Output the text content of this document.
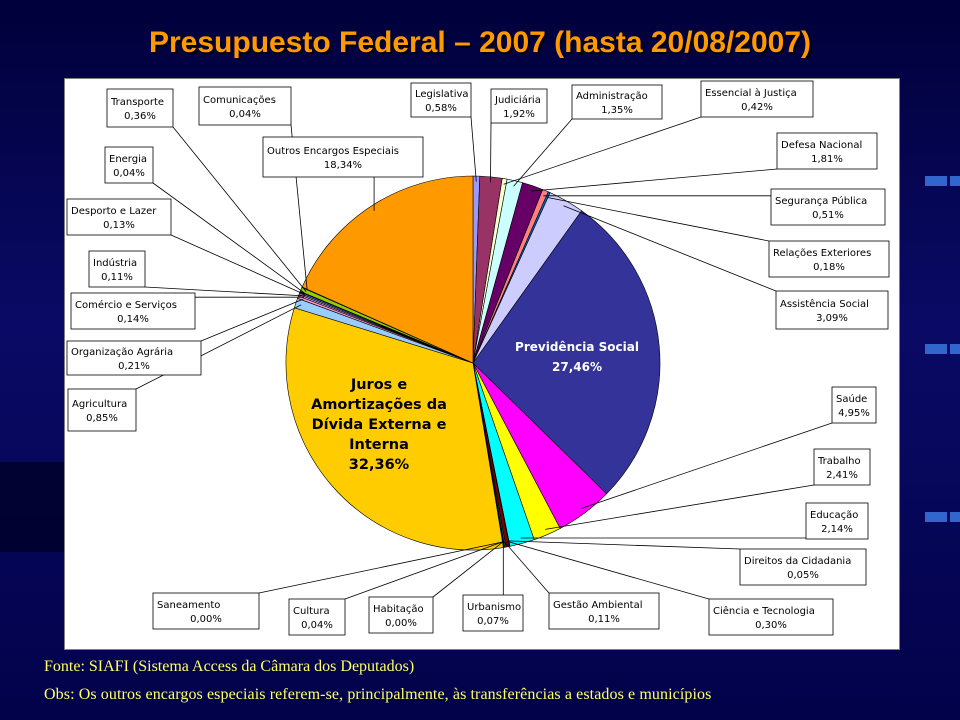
Presupuesto Federal – 2007 (hasta 20/08/2007)
Legislativa
0,58%
Judiciária
1,92%
Essencial à Justiça
0,42%
Administração
1,35%
Defesa Nacional
1,81%
Segurança Pública
0,51%
Relações Exteriores
0,18%
Assistência Social
3,09%
Saúde
4,95%
Trabalho
2,41%
Educação
2,14%
Direitos da Cidadania
0,05%
Ciência e Tecnologia
0,30%
Gestão Ambiental
0,11%
Urbanismo
0,07%
Habitação
0,00%
Cultura
0,04%
Saneamento
0,00%
Agricultura
0,85%
Organização Agrária
0,21%
Comércio e Serviços
0,14%
Indústria
0,11%
Desporto e Lazer
0,13%
Energia
0,04%
Transporte
0,36%
Comunicações
0,04%
Outros Encargos Especiais
18,34%
Previdência Social
27,46%
Juros e
Amortizações da
Dívida Externa e
Interna
32,36%
Fonte: SIAFI (Sistema Access da Câmara dos Deputados)
Obs: Os outros encargos especiais referem-se, principalmente, às transferências a estados e municípios
